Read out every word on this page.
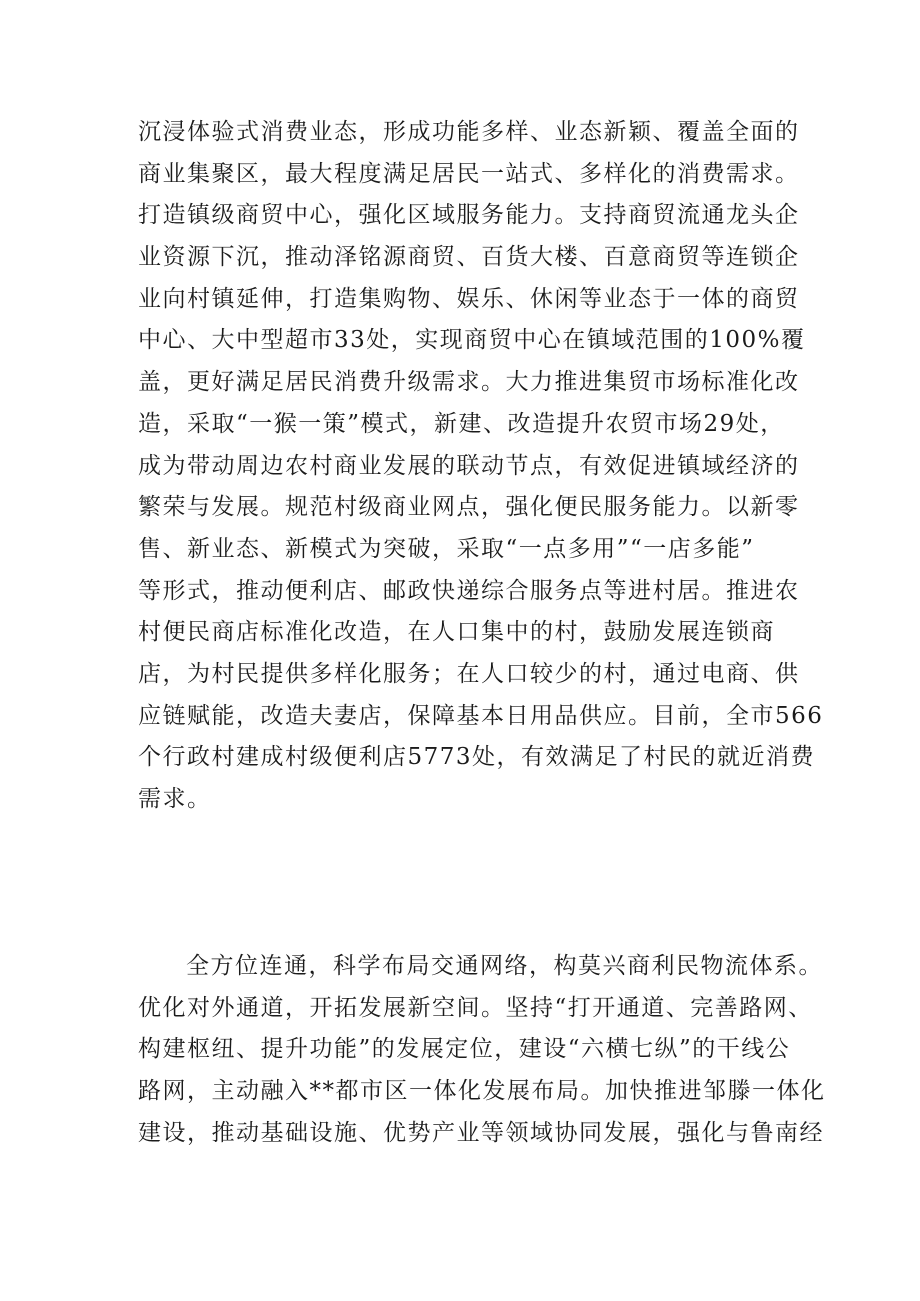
沉浸体验式消费业态，形成功能多样、业态新颖、覆盖全面的
商业集聚区，最大程度满足居民一站式、多样化的消费需求。
打造镇级商贸中心，强化区域服务能力。支持商贸流通龙头企
业资源下沉，推动泽铭源商贸、百货大楼、百意商贸等连锁企
业向村镇延伸，打造集购物、娱乐、休闲等业态于一体的商贸
中心、大中型超市33处，实现商贸中心在镇域范围的100%覆
盖，更好满足居民消费升级需求。大力推进集贸市场标准化改
造，采取“一猴一策”模式，新建、改造提升农贸市场29处，
成为带动周边农村商业发展的联动节点，有效促进镇域经济的
繁荣与发展。规范村级商业网点，强化便民服务能力。以新零
售、新业态、新模式为突破，采取“一点多用”“一店多能”
等形式，推动便利店、邮政快递综合服务点等进村居。推进农
村便民商店标准化改造，在人口集中的村，鼓励发展连锁商
店，为村民提供多样化服务；在人口较少的村，通过电商、供
应链赋能，改造夫妻店，保障基本日用品供应。目前，全市566
个行政村建成村级便利店5773处，有效满足了村民的就近消费
需求。
全方位连通，科学布局交通网络，构莫兴商利民物流体系。
优化对外通道，开拓发展新空间。坚持“打开通道、完善路网、
构建枢纽、提升功能”的发展定位，建设“六横七纵”的干线公
路网，主动融入**都市区一体化发展布局。加快推进邹滕一体化
建设，推动基础设施、优势产业等领域协同发展，强化与鲁南经
